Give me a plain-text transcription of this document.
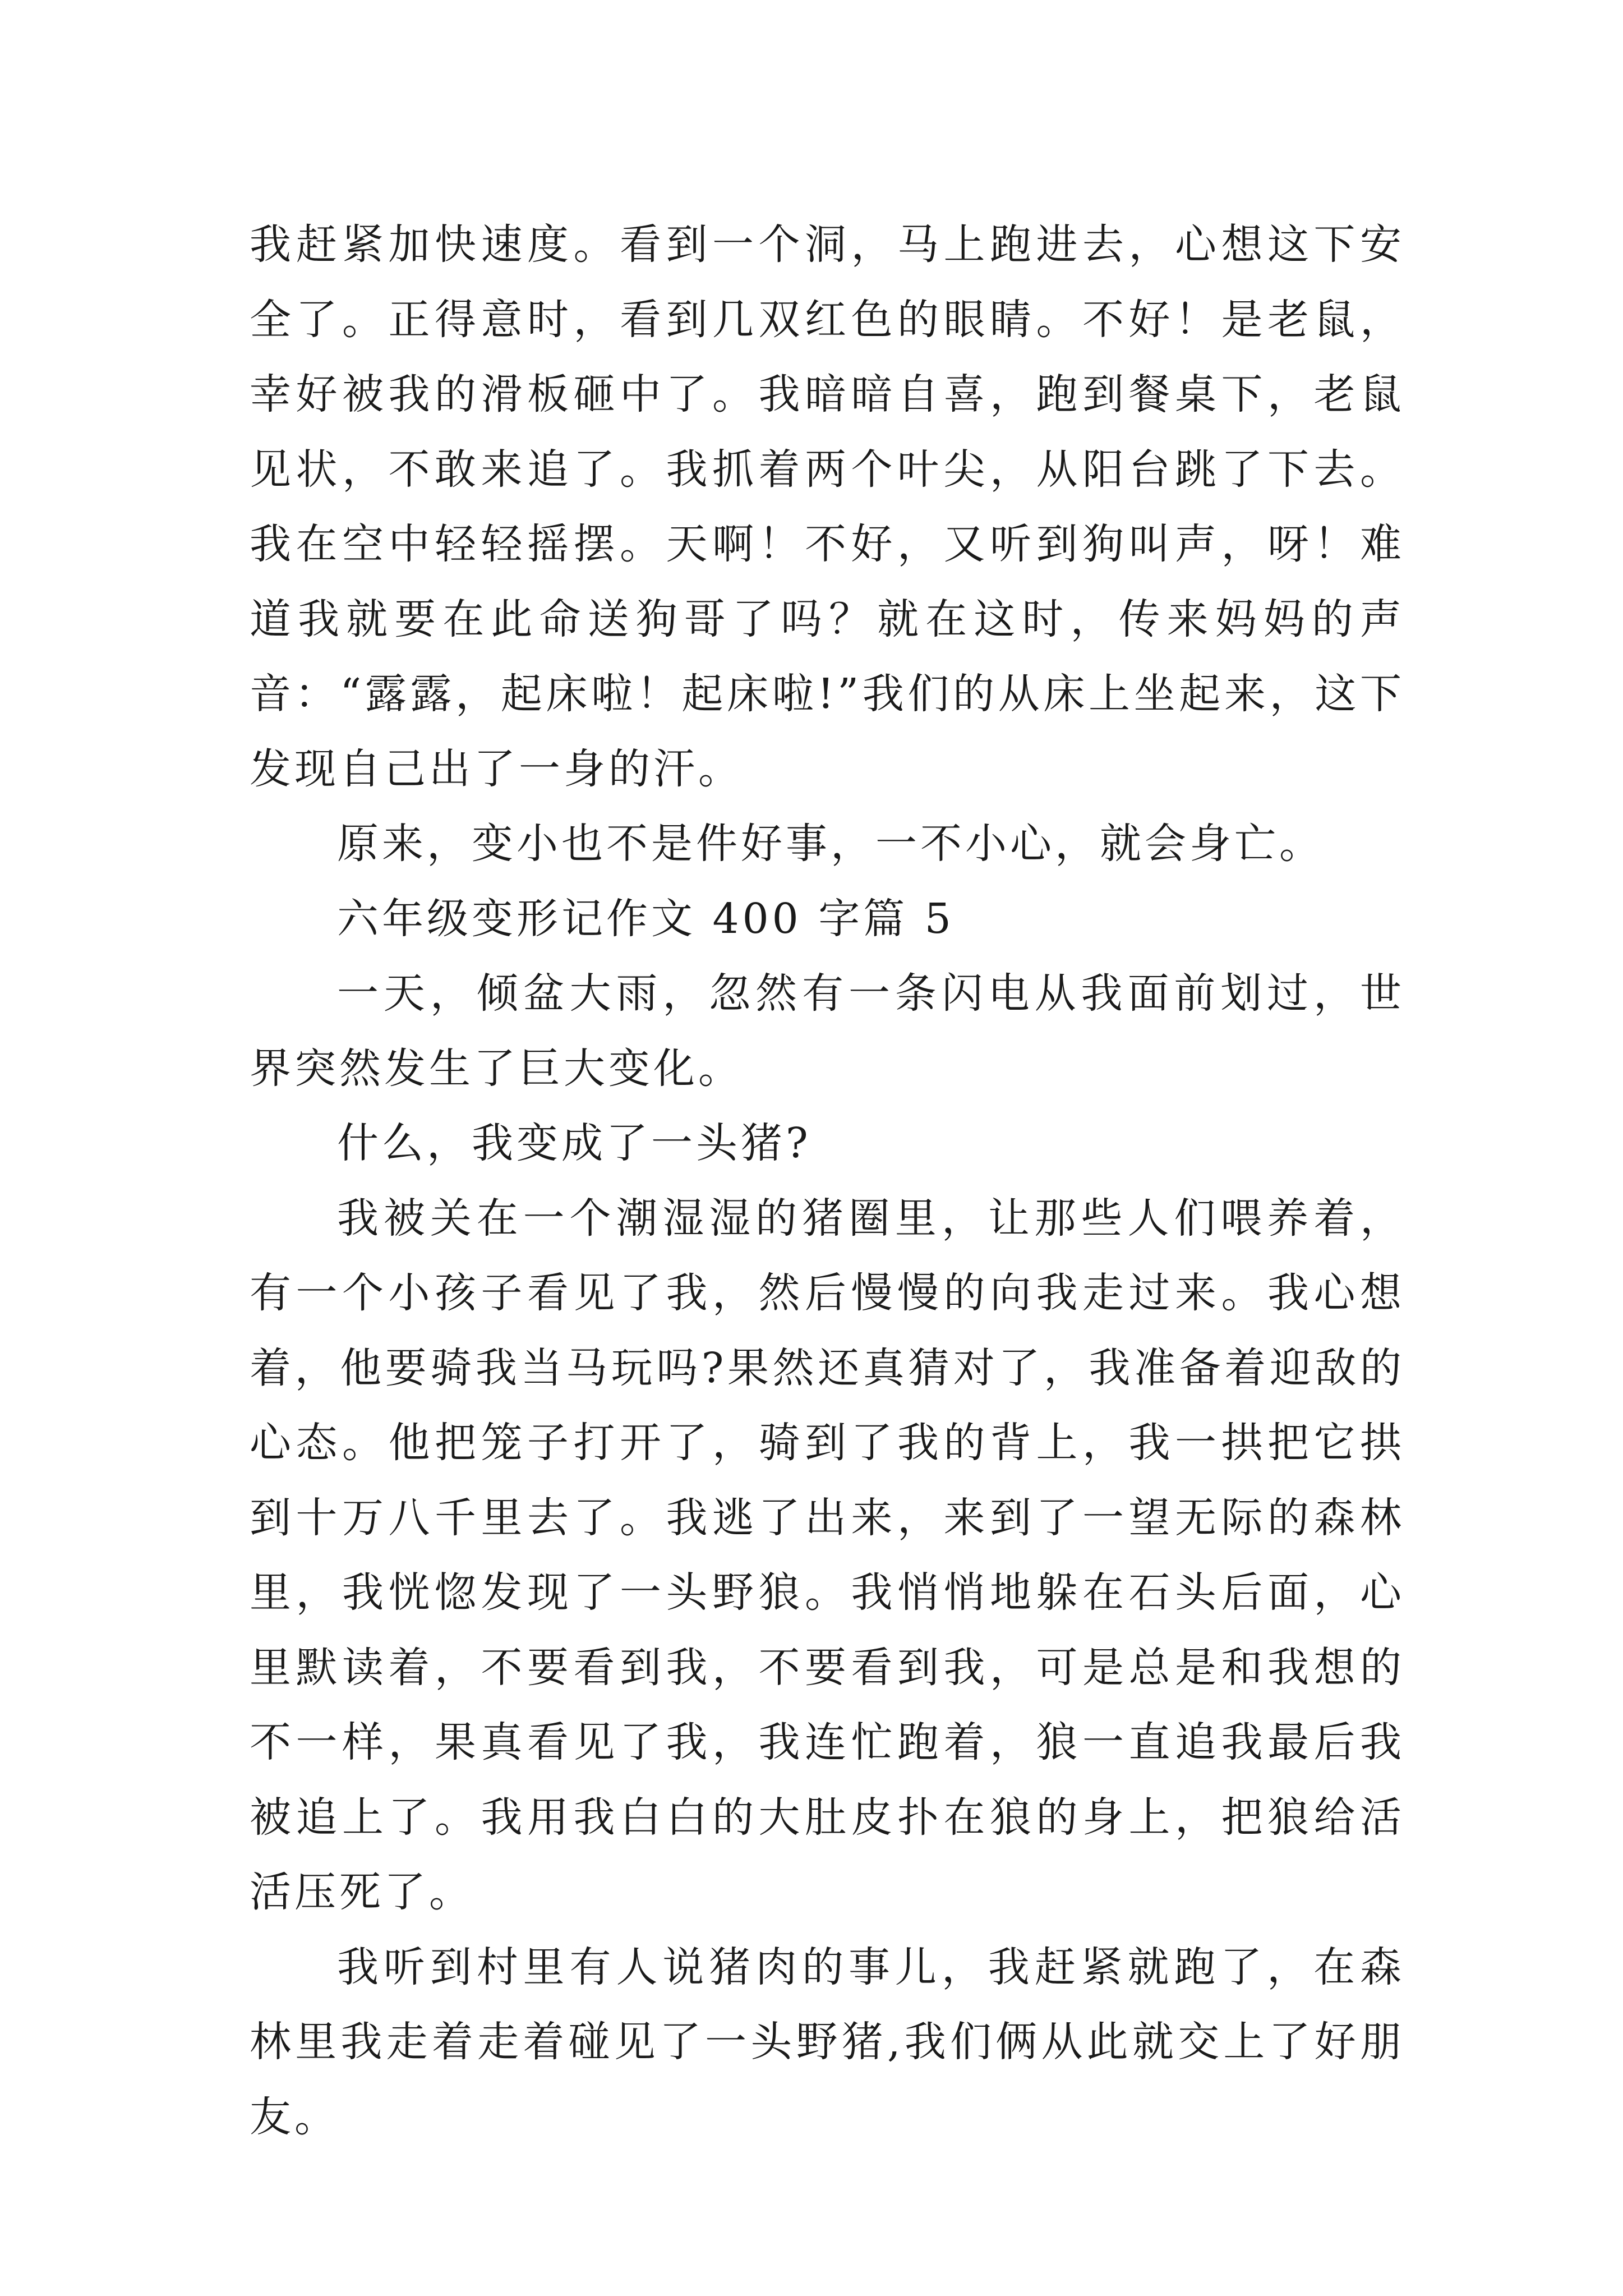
我赶紧加快速度。看到一个洞，马上跑进去，心想这下安全了。正得意时，看到几双红色的眼睛。不好！是老鼠，幸好被我的滑板砸中了。我暗暗自喜，跑到餐桌下，老鼠见状，不敢来追了。我抓着两个叶尖，从阳台跳了下去。我在空中轻轻摇摆。天啊！不好，又听到狗叫声，呀！难道我就要在此命送狗哥了吗？就在这时，传来妈妈的声音：“露露，起床啦！起床啦!”我们的从床上坐起来，这下发现自己出了一身的汗。

原来，变小也不是件好事，一不小心，就会身亡。

六年级变形记作文 400 字篇 5

一天，倾盆大雨，忽然有一条闪电从我面前划过，世界突然发生了巨大变化。

什么，我变成了一头猪?

我被关在一个潮湿湿的猪圈里，让那些人们喂养着，有一个小孩子看见了我，然后慢慢的向我走过来。我心想着，他要骑我当马玩吗?果然还真猜对了，我准备着迎敌的心态。他把笼子打开了，骑到了我的背上，我一拱把它拱到十万八千里去了。我逃了出来，来到了一望无际的森林里，我恍惚发现了一头野狼。我悄悄地躲在石头后面，心里默读着，不要看到我，不要看到我，可是总是和我想的不一样，果真看见了我，我连忙跑着，狼一直追我最后我被追上了。我用我白白的大肚皮扑在狼的身上，把狼给活活压死了。

我听到村里有人说猪肉的事儿，我赶紧就跑了，在森林里我走着走着碰见了一头野猪,我们俩从此就交上了好朋友。
